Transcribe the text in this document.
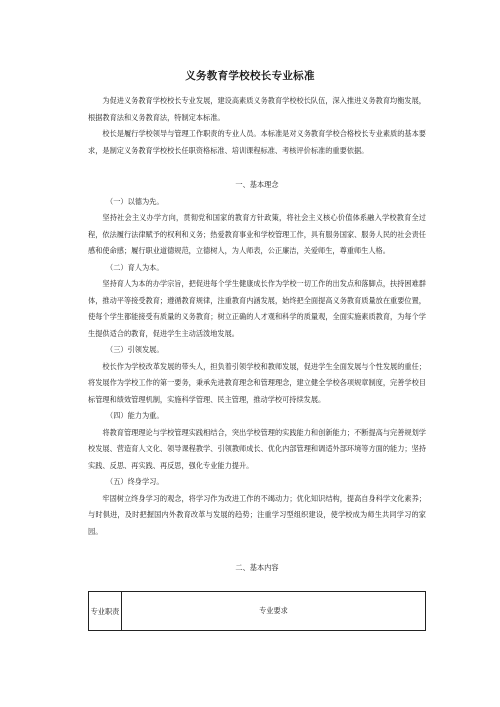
义务教育学校校长专业标准

为促进义务教育学校校长专业发展，建设高素质义务教育学校校长队伍，深入推进义务教育均衡发展，根据教育法和义务教育法，特制定本标准。

校长是履行学校领导与管理工作职责的专业人员。本标准是对义务教育学校合格校长专业素质的基本要求，是制定义务教育学校校长任职资格标准、培训课程标准、考核评价标准的重要依据。

一、基本理念

（一）以德为先。

坚持社会主义办学方向，贯彻党和国家的教育方针政策，将社会主义核心价值体系融入学校教育全过程，依法履行法律赋予的权利和义务；热爱教育事业和学校管理工作，具有服务国家、服务人民的社会责任感和使命感；履行职业道德规范，立德树人，为人师表，公正廉洁，关爱师生，尊重师生人格。

（二）育人为本。

坚持育人为本的办学宗旨，把促进每个学生健康成长作为学校一切工作的出发点和落脚点，扶持困难群体，推动平等接受教育；遵循教育规律，注重教育内涵发展，始终把全面提高义务教育质量放在重要位置，使每个学生都能接受有质量的义务教育；树立正确的人才观和科学的质量观，全面实施素质教育，为每个学生提供适合的教育，促进学生主动活泼地发展。

（三）引领发展。

校长作为学校改革发展的带头人，担负着引领学校和教师发展，促进学生全面发展与个性发展的重任；将发展作为学校工作的第一要务，秉承先进教育理念和管理理念，建立健全学校各项规章制度，完善学校目标管理和绩效管理机制，实施科学管理、民主管理，推动学校可持续发展。

（四）能力为重。

将教育管理理论与学校管理实践相结合，突出学校管理的实践能力和创新能力；不断提高与完善规划学校发展、营造育人文化、领导课程教学、引领教师成长、优化内部管理和调适外部环境等方面的能力；坚持实践、反思、再实践、再反思，强化专业能力提升。

（五）终身学习。

牢固树立终身学习的观念，将学习作为改进工作的不竭动力；优化知识结构，提高自身科学文化素养；与时俱进，及时把握国内外教育改革与发展的趋势；注重学习型组织建设，使学校成为师生共同学习的家园。

二、基本内容

专业职责	专业要求
